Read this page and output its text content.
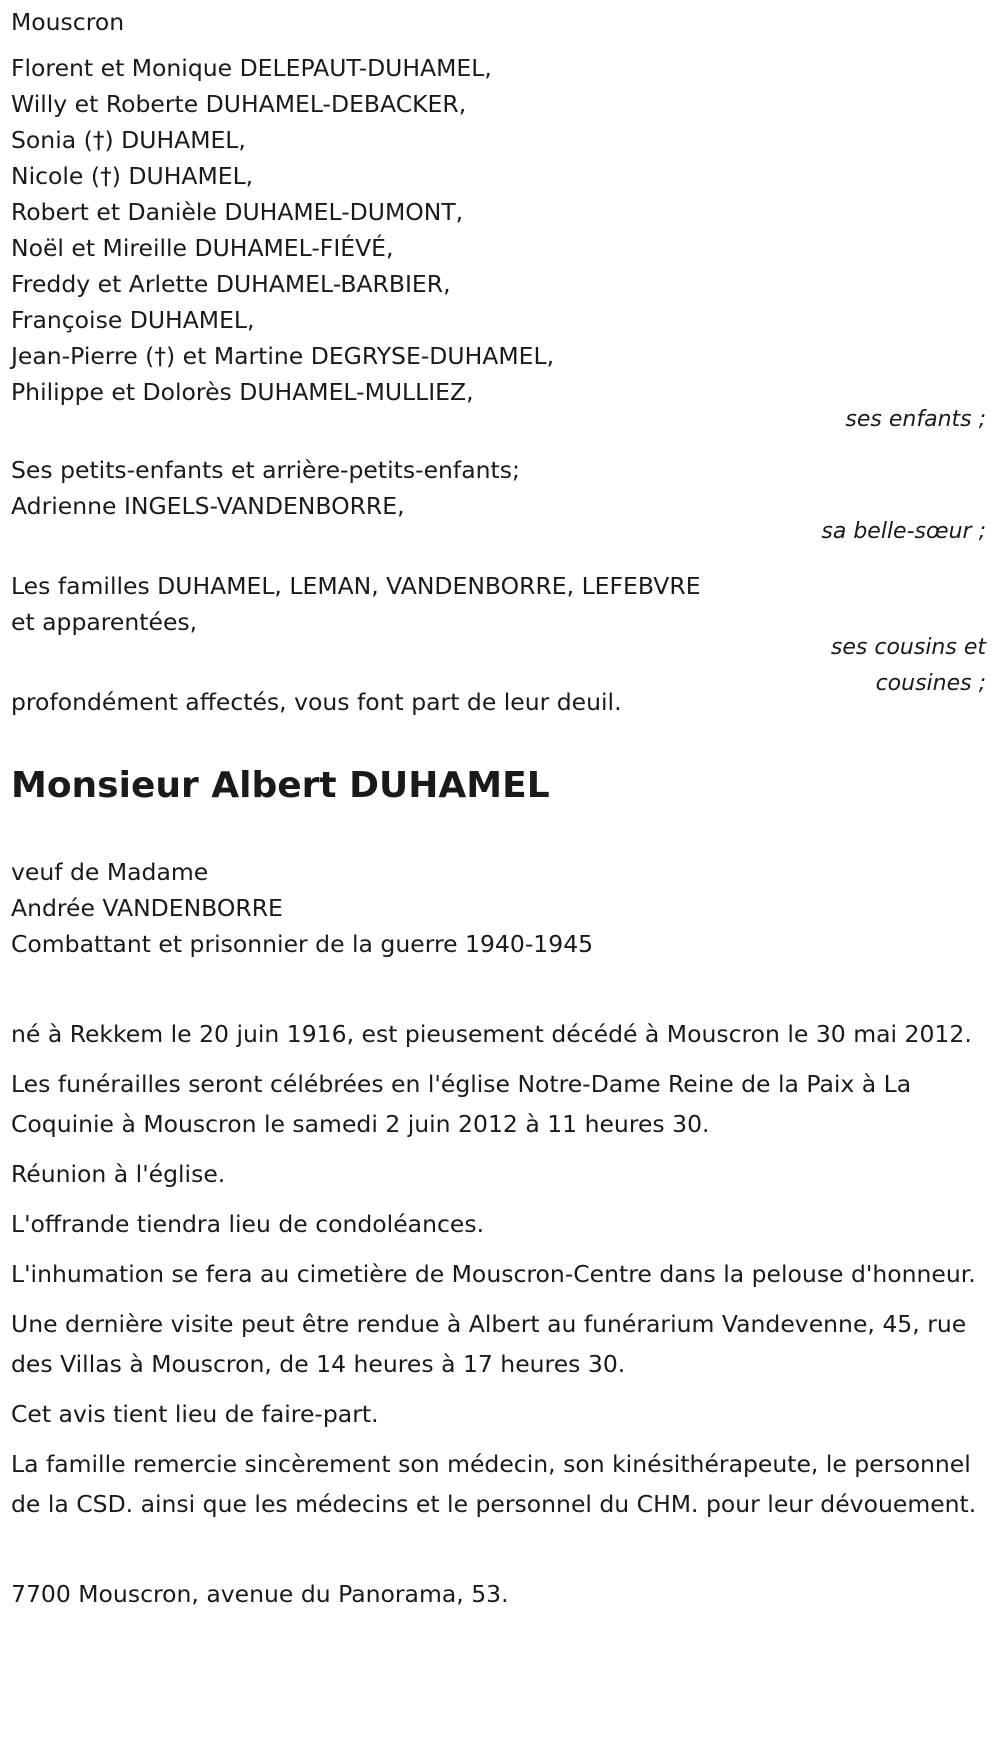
Mouscron
Florent et Monique DELEPAUT-DUHAMEL,
Willy et Roberte DUHAMEL-DEBACKER,
Sonia (†) DUHAMEL,
Nicole (†) DUHAMEL,
Robert et Danièle DUHAMEL-DUMONT,
Noël et Mireille DUHAMEL-FIÉVÉ,
Freddy et Arlette DUHAMEL-BARBIER,
Françoise DUHAMEL,
Jean-Pierre (†) et Martine DEGRYSE-DUHAMEL,
Philippe et Dolorès DUHAMEL-MULLIEZ,
ses enfants ;
Ses petits-enfants et arrière-petits-enfants;
Adrienne INGELS-VANDENBORRE,
sa belle-sœur ;
Les familles DUHAMEL, LEMAN, VANDENBORRE, LEFEBVRE
et apparentées,
ses cousins et
cousines ;
profondément affectés, vous font part de leur deuil.
Monsieur Albert DUHAMEL
veuf de Madame
Andrée VANDENBORRE
Combattant et prisonnier de la guerre 1940-1945
né à Rekkem le 20 juin 1916, est pieusement décédé à Mouscron le 30 mai 2012.
Les funérailles seront célébrées en l'église Notre-Dame Reine de la Paix à La Coquinie à Mouscron le samedi 2 juin 2012 à 11 heures 30.
Réunion à l'église.
L'offrande tiendra lieu de condoléances.
L'inhumation se fera au cimetière de Mouscron-Centre dans la pelouse d'honneur.
Une dernière visite peut être rendue à Albert au funérarium Vandevenne, 45, rue des Villas à Mouscron, de 14 heures à 17 heures 30.
Cet avis tient lieu de faire-part.
La famille remercie sincèrement son médecin, son kinésithérapeute, le personnel de la CSD. ainsi que les médecins et le personnel du CHM. pour leur dévouement.
7700 Mouscron, avenue du Panorama, 53.
